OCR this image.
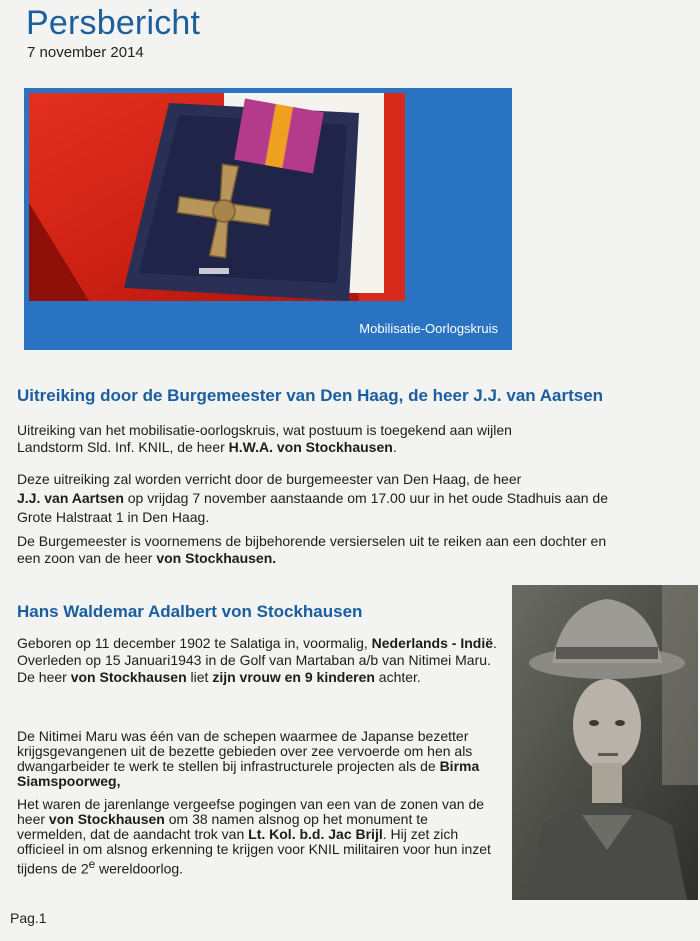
Persbericht
7 november 2014
Mobilisatie-Oorlogskruis
Uitreiking door de Burgemeester van Den Haag, de heer J.J. van Aartsen
Uitreiking van het mobilisatie-oorlogskruis, wat postuum is toegekend aan wijlen Landstorm Sld. Inf. KNIL, de heer H.W.A. von Stockhausen.
Deze uitreiking zal worden verricht door de burgemeester van Den Haag, de heer
J.J. van Aartsen op vrijdag 7 november aanstaande om 17.00 uur in het oude Stadhuis aan de Grote Halstraat 1 in Den Haag.
De Burgemeester is voornemens de bijbehorende versierselen uit te reiken aan een dochter en een zoon van de heer von Stockhausen.
Hans Waldemar Adalbert von Stockhausen
Geboren op 11 december 1902 te Salatiga in, voormalig, Nederlands - Indië. Overleden op 15 Januari1943 in de Golf van Martaban a/b van Nitimei Maru. De heer von Stockhausen liet zijn vrouw en 9 kinderen achter.
De Nitimei Maru was één van de schepen waarmee de Japanse bezetter krijgsgevangenen uit de bezette gebieden over zee vervoerde om hen als dwangarbeider te werk te stellen bij infrastructurele projecten als de Birma Siamspoorweg,
Het waren de jarenlange vergeefse pogingen van een van de zonen van de heer von Stockhausen om 38 namen alsnog op het monument te vermelden, dat de aandacht trok van Lt. Kol. b.d. Jac Brijl. Hij zet zich officieel in om alsnog erkenning te krijgen voor KNIL militairen voor hun inzet tijdens de 2e wereldoorlog.
Pag.1
